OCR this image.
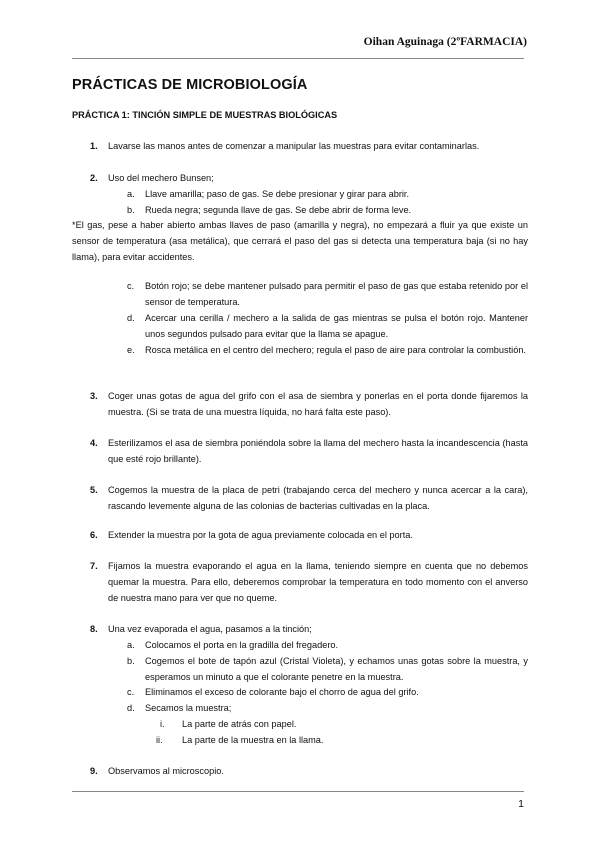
Oihan Aguinaga (2ºFARMACIA)
PRÁCTICAS DE MICROBIOLOGÍA
PRÁCTICA 1: TINCIÓN SIMPLE DE MUESTRAS BIOLÓGICAS
1. Lavarse las manos antes de comenzar a manipular las muestras para evitar contaminarlas.
2. Uso del mechero Bunsen;
a. Llave amarilla; paso de gas. Se debe presionar y girar para abrir.
b. Rueda negra; segunda llave de gas. Se debe abrir de forma leve.
*El gas, pese a haber abierto ambas llaves de paso (amarilla y negra), no empezará a fluir ya que existe un sensor de temperatura (asa metálica), que cerrará el paso del gas si detecta una temperatura baja (si no hay llama), para evitar accidentes.
c. Botón rojo; se debe mantener pulsado para permitir el paso de gas que estaba retenido por el sensor de temperatura.
d. Acercar una cerilla / mechero a la salida de gas mientras se pulsa el botón rojo. Mantener unos segundos pulsado para evitar que la llama se apague.
e. Rosca metálica en el centro del mechero; regula el paso de aire para controlar la combustión.
3. Coger unas gotas de agua del grifo con el asa de siembra y ponerlas en el porta donde fijaremos la muestra. (Si se trata de una muestra líquida, no hará falta este paso).
4. Esterilizamos el asa de siembra poniéndola sobre la llama del mechero hasta la incandescencia (hasta que esté rojo brillante).
5. Cogemos la muestra de la placa de petri (trabajando cerca del mechero y nunca acercar a la cara), rascando levemente alguna de las colonias de bacterias cultivadas en la placa.
6. Extender la muestra por la gota de agua previamente colocada en el porta.
7. Fijamos la muestra evaporando el agua en la llama, teniendo siempre en cuenta que no debemos quemar la muestra. Para ello, deberemos comprobar la temperatura en todo momento con el anverso de nuestra mano para ver que no queme.
8. Una vez evaporada el agua, pasamos a la tinción;
a. Colocamos el porta en la gradilla del fregadero.
b. Cogemos el bote de tapón azul (Cristal Violeta), y echamos unas gotas sobre la muestra, y esperamos un minuto a que el colorante penetre en la muestra.
c. Eliminamos el exceso de colorante bajo el chorro de agua del grifo.
d. Secamos la muestra;
i. La parte de atrás con papel.
ii. La parte de la muestra en la llama.
9. Observamos al microscopio.
1
